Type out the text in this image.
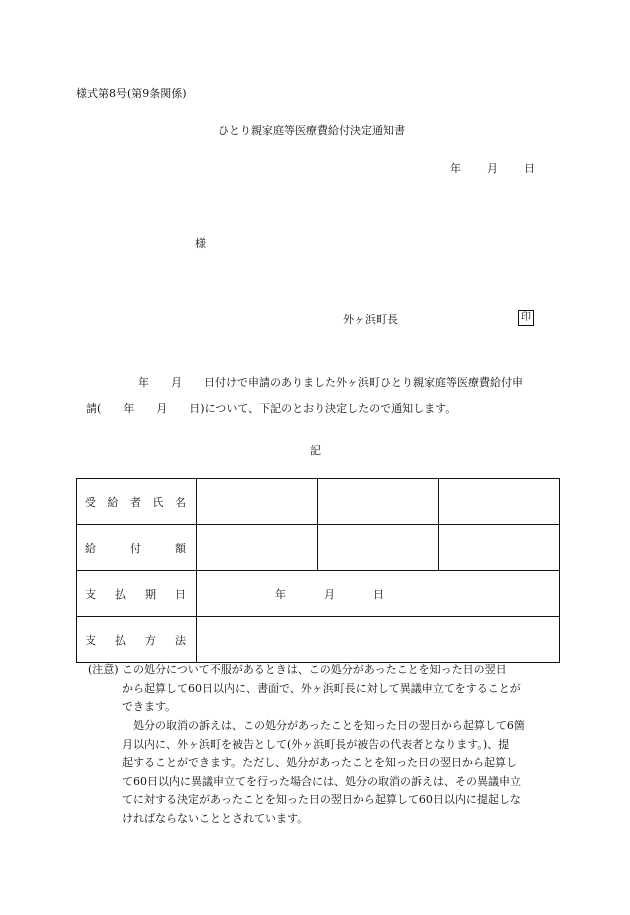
様式第8号(第9条関係)
ひとり親家庭等医療費給付決定通知書
年 月 日
様
外ヶ浜町長	印
年　　月　　日付けで申請のありました外ヶ浜町ひとり親家庭等医療費給付申
請(　　年　　月　　日)について、下記のとおり決定したので通知します。
記
受給者氏名			
給付額			
支払期日	年 月 日		
支払方法			
(注意) この処分について不服があるときは、この処分があったことを知った日の翌日
から起算して60日以内に、書面で、外ヶ浜町長に対して異議申立てをすることが
できます。
　処分の取消の訴えは、この処分があったことを知った日の翌日から起算して6箇
月以内に、外ヶ浜町を被告として(外ヶ浜町長が被告の代表者となります。)、提
起することができます。ただし、処分があったことを知った日の翌日から起算し
て60日以内に異議申立てを行った場合には、処分の取消の訴えは、その異議申立
てに対する決定があったことを知った日の翌日から起算して60日以内に提起しな
ければならないこととされています。
